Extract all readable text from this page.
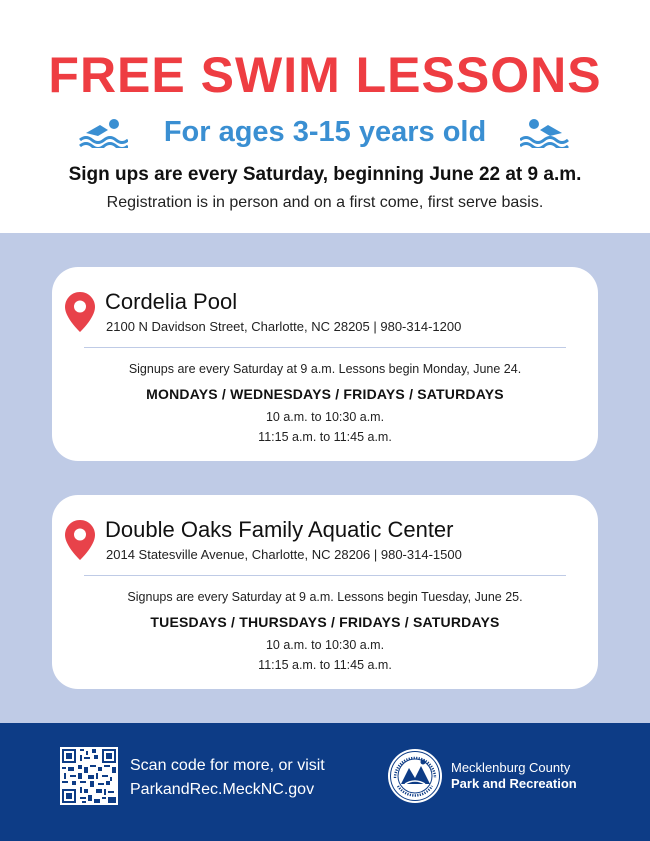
FREE SWIM LESSONS
For ages 3-15 years old
Sign ups are every Saturday, beginning June 22 at 9 a.m.
Registration is in person and on a first come, first serve basis.
Cordelia Pool
2100 N Davidson Street, Charlotte, NC 28205 | 980-314-1200
Signups are every Saturday at 9 a.m. Lessons begin Monday, June 24.
MONDAYS / WEDNESDAYS / FRIDAYS / SATURDAYS
10 a.m. to 10:30 a.m.
11:15 a.m. to 11:45 a.m.
Double Oaks Family Aquatic Center
2014 Statesville Avenue, Charlotte, NC 28206 | 980-314-1500
Signups are every Saturday at 9 a.m. Lessons begin Tuesday, June 25.
TUESDAYS / THURSDAYS / FRIDAYS / SATURDAYS
10 a.m. to 10:30 a.m.
11:15 a.m. to 11:45 a.m.
Scan code for more, or visit
ParkandRec.MeckNC.gov
Mecklenburg County
Park and Recreation
